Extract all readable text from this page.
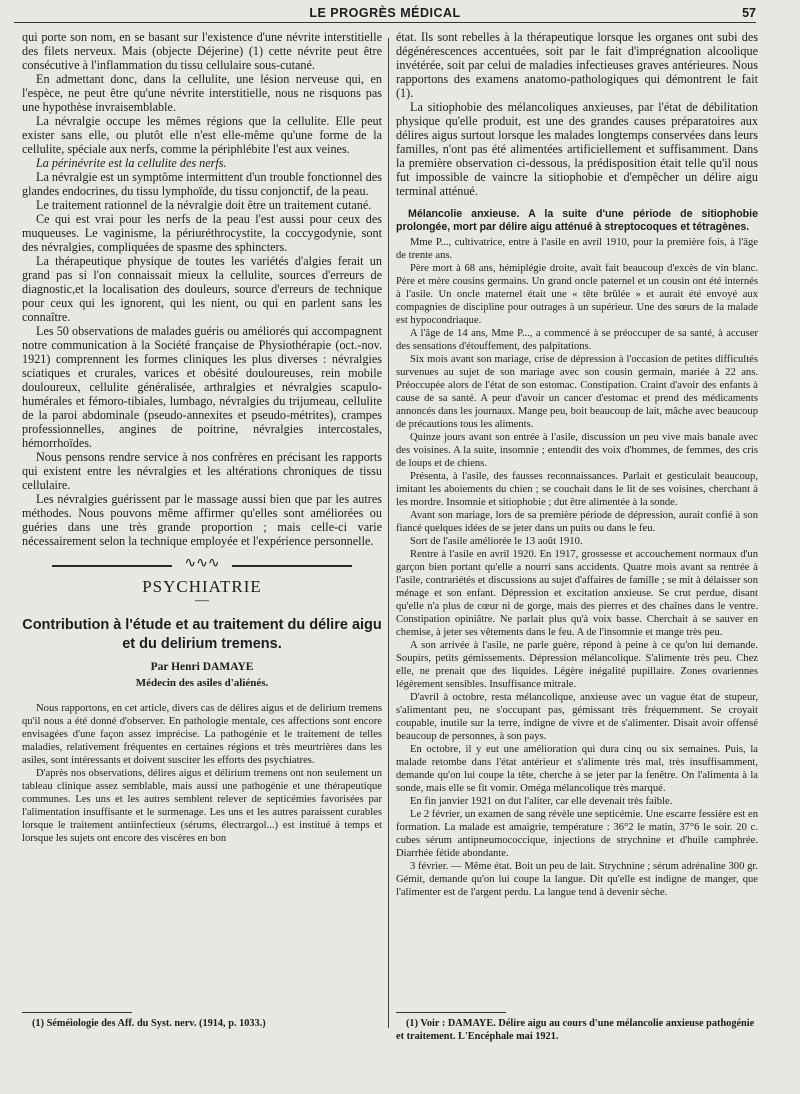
LE PROGRÈS MÉDICAL	57

qui porte son nom, en se basant sur l'existence d'une névrite interstitielle des filets nerveux. Mais (objecte Déjerine) (1) cette névrite peut être consécutive à l'inflammation du tissu cellulaire sous-cutané.

En admettant donc, dans la cellulite, une lésion nerveuse qui, en l'espèce, ne peut être qu'une névrite interstitielle, nous ne risquons pas une hypothèse invraisemblable.

La névralgie occupe les mêmes régions que la cellulite. Elle peut exister sans elle, ou plutôt elle n'est elle-même qu'une forme de la cellulite, spéciale aux nerfs, comme la périphlébite l'est aux veines.

La périnévrite est la cellulite des nerfs.

La névralgie est un symptôme intermittent d'un trouble fonctionnel des glandes endocrines, du tissu lymphoïde, du tissu conjonctif, de la peau.

Le traitement rationnel de la névralgie doit être un traitement cutané.

Ce qui est vrai pour les nerfs de la peau l'est aussi pour ceux des muqueuses. Le vaginisme, la périuréthrocystite, la coccygodynie, sont des névralgies, compliquées de spasme des sphincters.

La thérapeutique physique de toutes les variétés d'algies ferait un grand pas si l'on connaissait mieux la cellulite, sources d'erreurs de diagnostic,et la localisation des douleurs, source d'erreurs de technique pour ceux qui les ignorent, qui les nient, ou qui en parlent sans les connaître.

Les 50 observations de malades guéris ou améliorés qui accompagnent notre communication à la Société française de Physiothérapie (oct.-nov. 1921) comprennent les formes cliniques les plus diverses : névralgies sciatiques et crurales, varices et obésité douloureuses, rein mobile douloureux, cellulite généralisée, arthralgies et névralgies scapulo-humérales et fémoro-tibiales, lumbago, névralgies du trijumeau, cellulite de la paroi abdominale (pseudo-annexites et pseudo-métrites), crampes professionnelles, angines de poitrine, névralgies intercostales, hémorrhoïdes.

Nous pensons rendre service à nos confrères en précisant les rapports qui existent entre les névralgies et les altérations chroniques de tissu cellulaire.

Les névralgies guérissent par le massage aussi bien que par les autres méthodes. Nous pouvons même affirmer qu'elles sont améliorées ou guéries dans une très grande proportion ; mais celle-ci varie nécessairement selon la technique employée et l'expérience personnelle.

∿∿∿
PSYCHIATRIE
—
Contribution à l'étude et au traitement du délire aigu et du delirium tremens.
Par Henri DAMAYE
Médecin des asiles d'aliénés.

Nous rapportons, en cet article, divers cas de délires aigus et de delirium tremens qu'il nous a été donné d'observer. En pathologie mentale, ces affections sont encore envisagées d'une façon assez imprécise. La pathogénie et le traitement de telles maladies, relativement fréquentes en certaines régions et très meurtrières dans les asiles, sont intéressants et doivent susciter les efforts des psychiatres.

D'après nos observations, délires aigus et délirium tremens ont non seulement un tableau clinique assez semblable, mais aussi une pathogénie et une thérapeutique communes. Les uns et les autres semblent relever de septicémies favorisées par l'alimentation insuffisante et le surmenage. Les uns et les autres paraissent curables lorsque le traitement antiinfectieux (sérums, électrargol...) est institué à temps et lorsque les sujets ont encore des viscères en bon

(1) Séméiologie des Aff. du Syst. nerv. (1914, p. 1033.)

état. Ils sont rebelles à la thérapeutique lorsque les organes ont subi des dégénérescences accentuées, soit par le fait d'imprégnation alcoolique invétérée, soit par celui de maladies infectieuses graves antérieures. Nous rapportons des examens anatomo-pathologiques qui démontrent le fait (1).

La sitiophobie des mélancoliques anxieuses, par l'état de débilitation physique qu'elle produit, est une des grandes causes préparatoires aux délires aigus surtout lorsque les malades longtemps conservées dans leurs familles, n'ont pas été alimentées artificiellement et suffisamment. Dans la première observation ci-dessous, la prédisposition était telle qu'il nous fut impossible de vaincre la sitiophobie et d'empêcher un délire aigu terminal atténué.

Mélancolie anxieuse. A la suite d'une période de sitiophobie prolongée, mort par délire aigu atténué à streptocoques et tétragènes.

Mme P..., cultivatrice, entre à l'asile en avril 1910, pour la première fois, à l'âge de trente ans.

Père mort à 68 ans, hémiplégie droite, avait fait beaucoup d'excès de vin blanc. Père et mère cousins germains. Un grand oncle paternel et un cousin ont été internés à l'asile. Un oncle maternel était une « tête brûlée » et aurait été envoyé aux compagnies de discipline pour outrages à un supérieur. Une des sœurs de la malade est hypocondriaque.

A l'âge de 14 ans, Mme P..., a commencé à se préoccuper de sa santé, à accuser des sensations d'étouffement, des palpitations.

Six mois avant son mariage, crise de dépression à l'occasion de petites difficultés survenues au sujet de son mariage avec son cousin germain, mariée à 22 ans. Préoccupée alors de l'état de son estomac. Constipation. Craint d'avoir des enfants à cause de sa santé. A peur d'avoir un cancer d'estomac et prend des médicaments annoncés dans les journaux. Mange peu, boit beaucoup de lait, mâche avec beaucoup de précautions tous les aliments.

Quinze jours avant son entrée à l'asile, discussion un peu vive mais banale avec des voisines. A la suite, insomnie ; entendit des voix d'hommes, de femmes, des cris de loups et de chiens.

Présenta, à l'asile, des fausses reconnaissances. Parlait et gesticulait beaucoup, imitant les aboiements du chien ; se couchait dans le lit de ses voisines, cherchant à les mordre. Insomnie et sitiophobie ; dut être alimentée à la sonde.

Avant son mariage, lors de sa première période de dépression, aurait confié à son fiancé quelques idées de se jeter dans un puits ou dans le feu.

Sort de l'asile améliorée le 13 août 1910.

Rentre à l'asile en avril 1920. En 1917, grossesse et accouchement normaux d'un garçon bien portant qu'elle a nourri sans accidents. Quatre mois avant sa rentrée à l'asile, contrariétés et discussions au sujet d'affaires de famille ; se mit à délaisser son ménage et son enfant. Dépression et excitation anxieuse. Se crut perdue, disant qu'elle n'a plus de cœur ni de gorge, mais des pierres et des chaînes dans le ventre. Constipation opiniâtre. Ne parlait plus qu'à voix basse. Cherchait à se sauver en chemise, à jeter ses vêtements dans le feu. A de l'insomnie et mange très peu.

A son arrivée à l'asile, ne parle guère, répond à peine à ce qu'on lui demande. Soupirs, petits gémissements. Dépression mélancolique. S'alimente très peu. Chez elle, ne prenait que des liquides. Légère inégalité pupillaire. Zones ovariennes légèrement sensibles. Insuffisance mitrale.

D'avril à octobre, resta mélancolique, anxieuse avec un vague état de stupeur, s'alimentant peu, ne s'occupant pas, gémissant très fréquemment. Se croyait coupable, inutile sur la terre, indigne de vivre et de s'alimenter. Disait avoir offensé beaucoup de personnes, à son pays.

En octobre, il y eut une amélioration qui dura cinq ou six semaines. Puis, la malade retombe dans l'état antérieur et s'alimente très mal, très insuffisamment, demande qu'on lui coupe la tête, cherche à se jeter par la fenêtre. On l'alimenta à la sonde, mais elle se fit vomir. Oméga mélancolique très marqué.

En fin janvier 1921 on dut l'aliter, car elle devenait très faible.

Le 2 février, un examen de sang révèle une septicémie. Une escarre fessière est en formation. La malade est amaigrie, température : 36°2 le matin, 37°6 le soir. 20 c. cubes sérum antipneumococcique, injections de strychnine et d'huile camphrée. Diarrhée fétide abondante.

3 février. — Même état. Boit un peu de lait. Strychnine ; sérum adrénaline 300 gr. Gémit, demande qu'on lui coupe la langue. Dit qu'elle est indigne de manger, que l'alimenter est de l'argent perdu. La langue tend à devenir sèche.

(1) Voir : DAMAYE. Délire aigu au cours d'une mélancolie anxieuse pathogénie et traitement. L'Encéphale mai 1921.
